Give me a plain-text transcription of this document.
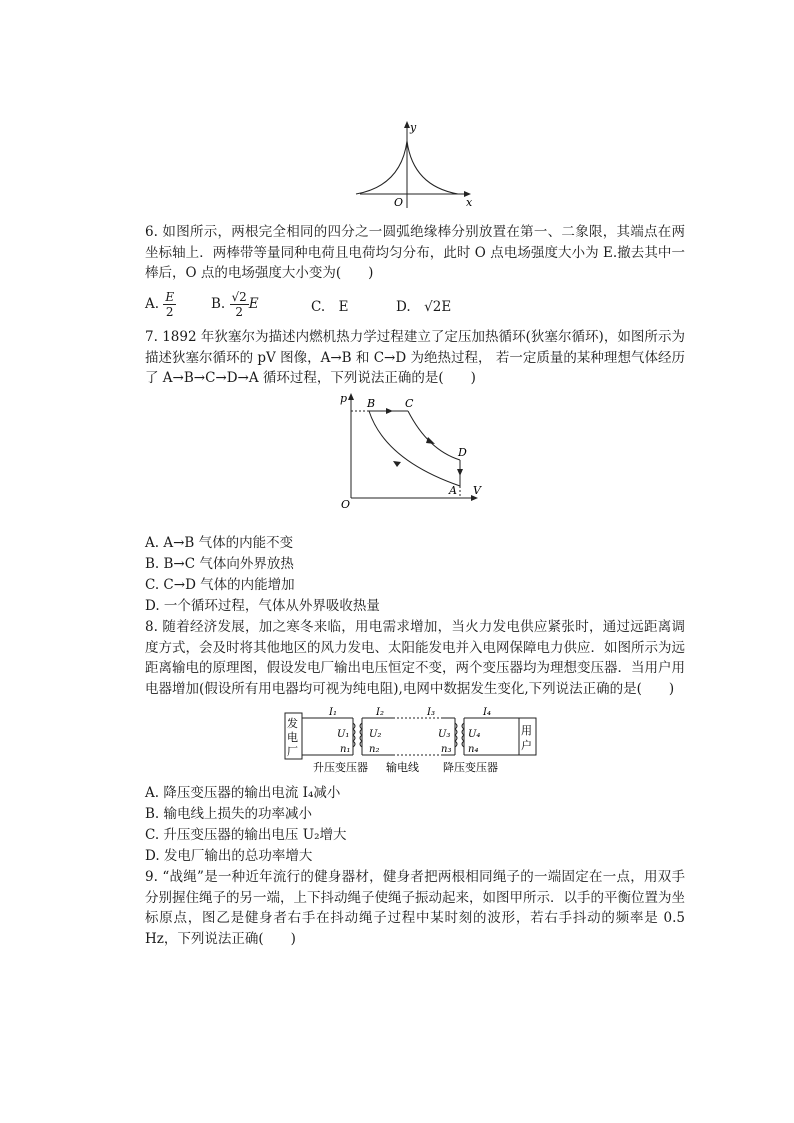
y
x
O
6. 如图所示，两根完全相同的四分之一圆弧绝缘棒分别放置在第一、二象限，其端点在两坐标轴上．两棒带等量同种电荷且电荷均匀分布，此时 O 点电场强度大小为 E.撤去其中一棒后，O 点的电场强度大小变为(　　)
A. $\frac{E}{2}$	B. $\frac{√2}{2}$ E	C.　E	D.　√2E
7. 1892 年狄塞尔为描述内燃机热力学过程建立了定压加热循环(狄塞尔循环)，如图所示为描述狄塞尔循环的 pV 图像，A→B 和 C→D 为绝热过程， 若一定质量的某种理想气体经历了 A→B→C→D→A 循环过程，下列说法正确的是(　　)
p
V
O
B	C
D
A
A. A→B 气体的内能不变
B. B→C 气体向外界放热
C. C→D 气体的内能增加
D. 一个循环过程，气体从外界吸收热量
8. 随着经济发展，加之寒冬来临，用电需求增加，当火力发电供应紧张时，通过远距离调度方式，会及时将其他地区的风力发电、太阳能发电并入电网保障电力供应．如图所示为远距离输电的原理图，假设发电厂输出电压恒定不变，两个变压器均为理想变压器．当用户用电器增加(假设所有用电器均可视为纯电阻),电网中数据发生变化,下列说法正确的是(　　)
发
电
厂
用
户
I₁	I₂	I₃	I₄
U₁ U₂	U₃ U₄
n₁ n₂	n₃ n₄
升压变压器 输电线 降压变压器
A. 降压变压器的输出电流 I₄减小
B. 输电线上损失的功率减小
C. 升压变压器的输出电压 U₂增大
D. 发电厂输出的总功率增大
9. “战绳”是一种近年流行的健身器材，健身者把两根相同绳子的一端固定在一点，用双手分别握住绳子的另一端，上下抖动绳子使绳子振动起来，如图甲所示．以手的平衡位置为坐标原点，图乙是健身者右手在抖动绳子过程中某时刻的波形，若右手抖动的频率是 0.5 Hz，下列说法正确(　　)
